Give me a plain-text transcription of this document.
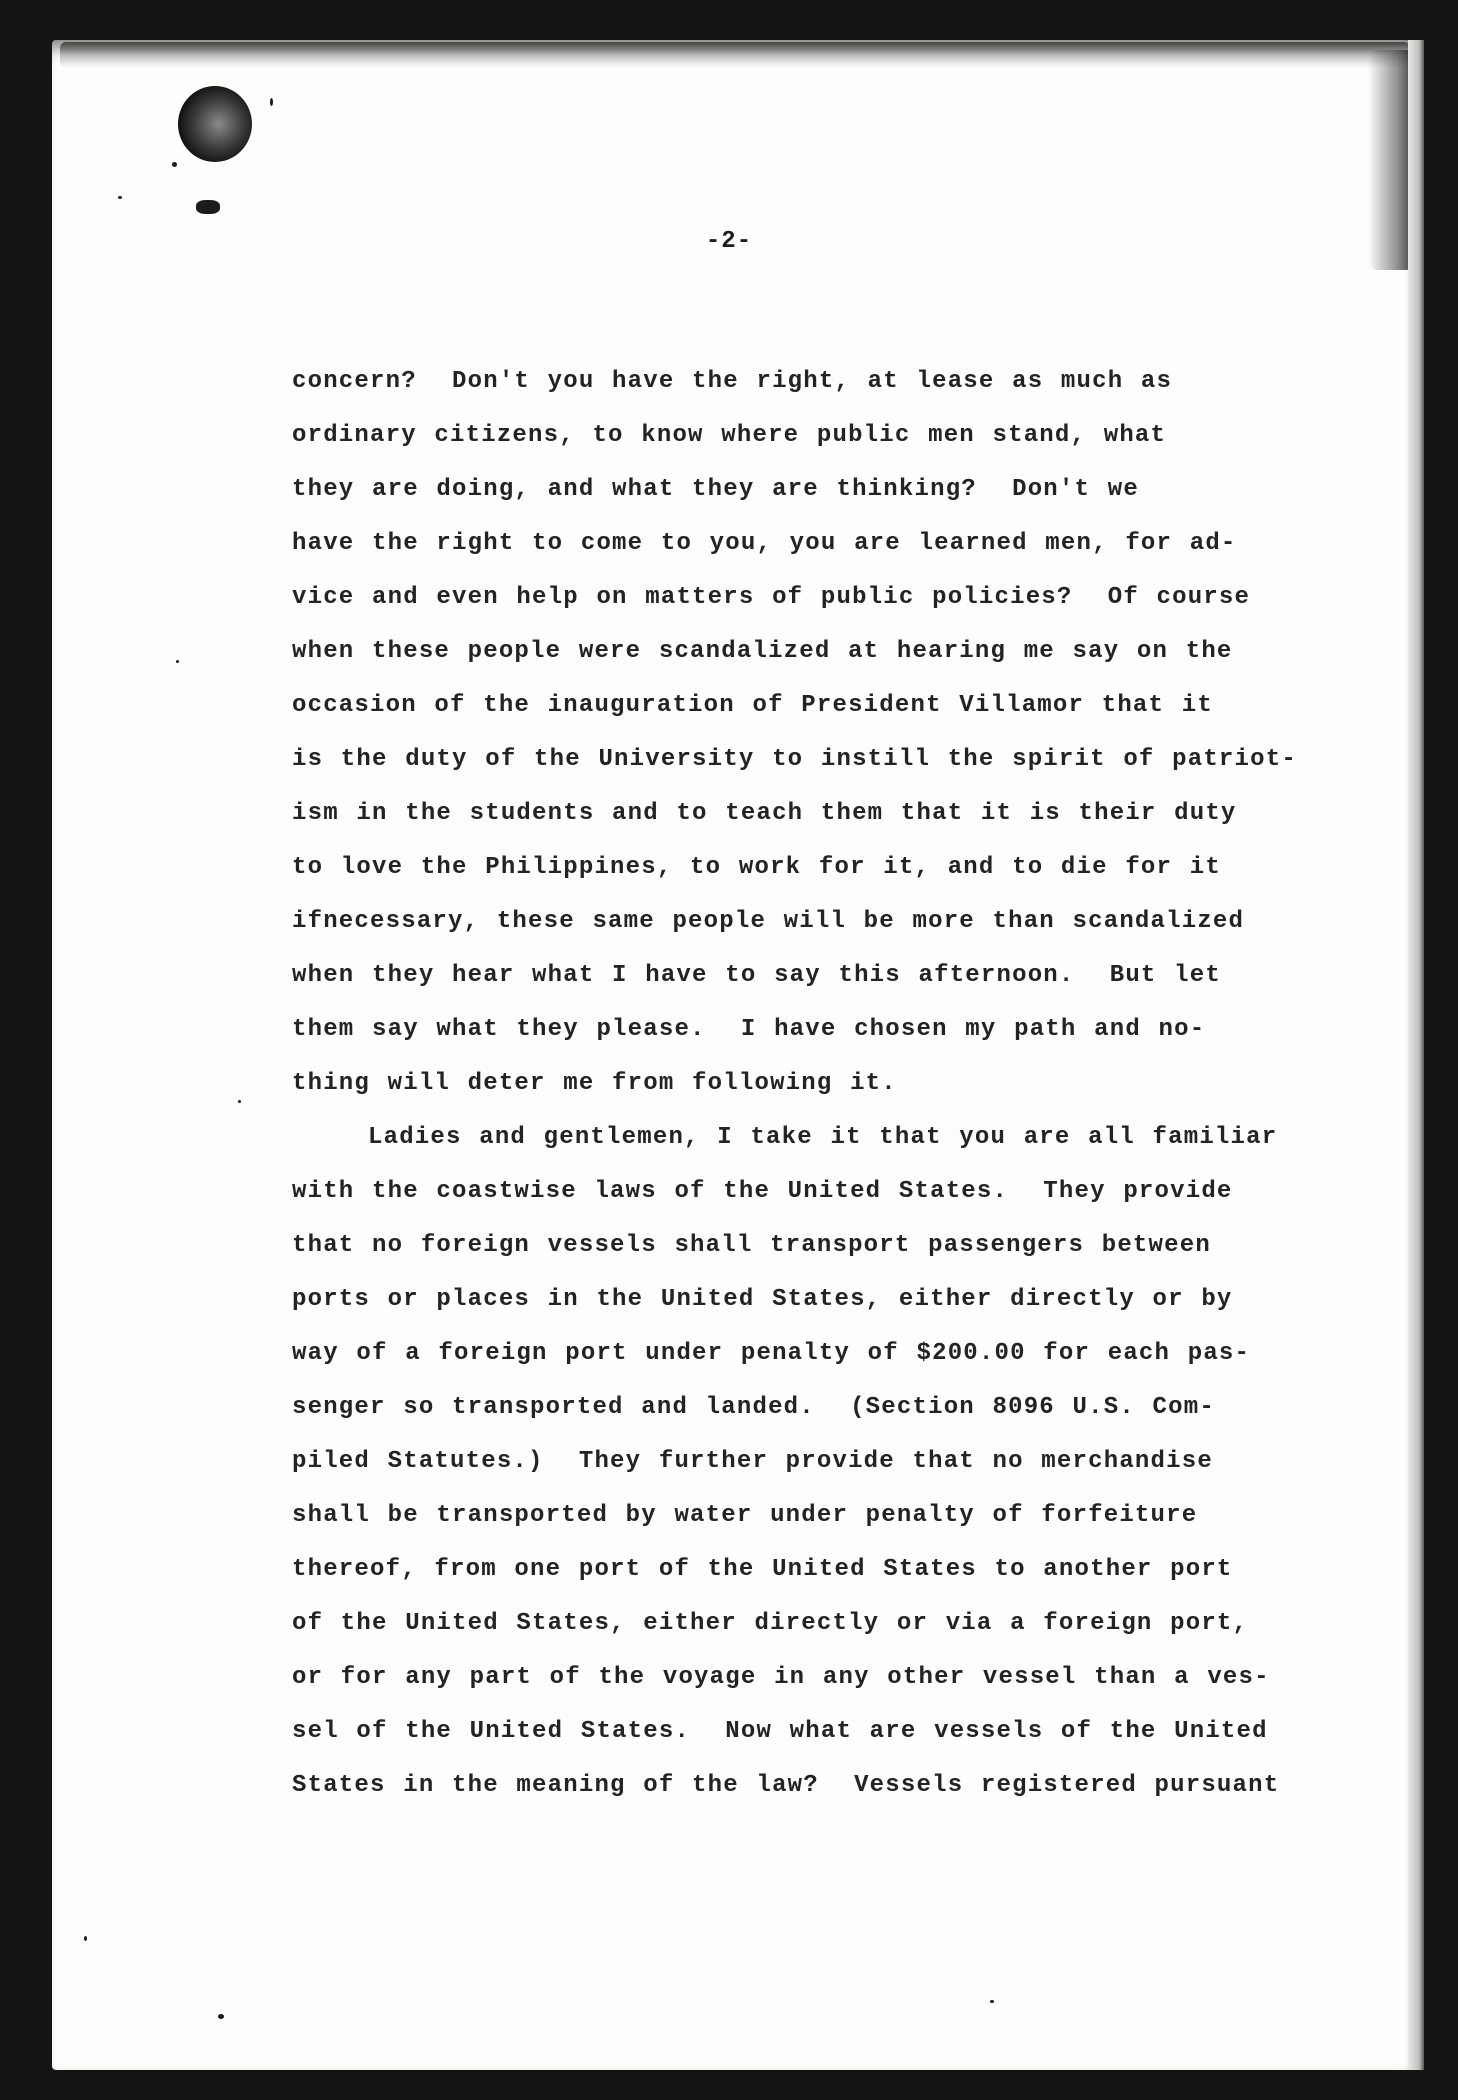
-2-
concern?  Don't you have the right, at lease as much as
ordinary citizens, to know where public men stand, what
they are doing, and what they are thinking?  Don't we
have the right to come to you, you are learned men, for ad-
vice and even help on matters of public policies?  Of course
when these people were scandalized at hearing me say on the
occasion of the inauguration of President Villamor that it
is the duty of the University to instill the spirit of patriot-
ism in the students and to teach them that it is their duty
to love the Philippines, to work for it, and to die for it
ifnecessary, these same people will be more than scandalized
when they hear what I have to say this afternoon.  But let
them say what they please.  I have chosen my path and no-
thing will deter me from following it.
Ladies and gentlemen, I take it that you are all familiar
with the coastwise laws of the United States.  They provide
that no foreign vessels shall transport passengers between
ports or places in the United States, either directly or by
way of a foreign port under penalty of $200.00 for each pas-
senger so transported and landed.  (Section 8096 U.S. Com-
piled Statutes.)  They further provide that no merchandise
shall be transported by water under penalty of forfeiture
thereof, from one port of the United States to another port
of the United States, either directly or via a foreign port,
or for any part of the voyage in any other vessel than a ves-
sel of the United States.  Now what are vessels of the United
States in the meaning of the law?  Vessels registered pursuant
